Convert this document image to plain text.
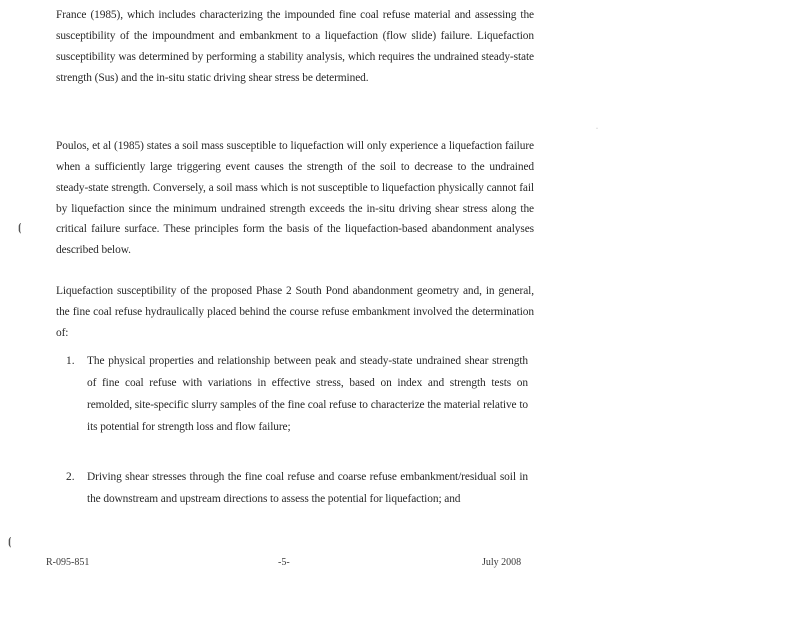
France (1985), which includes characterizing the impounded fine coal refuse material and assessing the susceptibility of the impoundment and embankment to a liquefaction (flow slide) failure. Liquefaction susceptibility was determined by performing a stability analysis, which requires the undrained steady-state strength (Sus) and the in-situ static driving shear stress be determined.

Poulos, et al (1985) states a soil mass susceptible to liquefaction will only experience a liquefaction failure when a sufficiently large triggering event causes the strength of the soil to decrease to the undrained steady-state strength. Conversely, a soil mass which is not susceptible to liquefaction physically cannot fail by liquefaction since the minimum undrained strength exceeds the in-situ driving shear stress along the critical failure surface. These principles form the basis of the liquefaction-based abandonment analyses described below.

Liquefaction susceptibility of the proposed Phase 2 South Pond abandonment geometry and, in general, the fine coal refuse hydraulically placed behind the course refuse embankment involved the determination of:

1.	The physical properties and relationship between peak and steady-state undrained shear strength of fine coal refuse with variations in effective stress, based on index and strength tests on remolded, site-specific slurry samples of the fine coal refuse to characterize the material relative to its potential for strength loss and flow failure;
2.	Driving shear stresses through the fine coal refuse and coarse refuse embankment/residual soil in the downstream and upstream directions to assess the potential for liquefaction; and
R-095-851	-5-	July 2008
⦗
⦗
·
